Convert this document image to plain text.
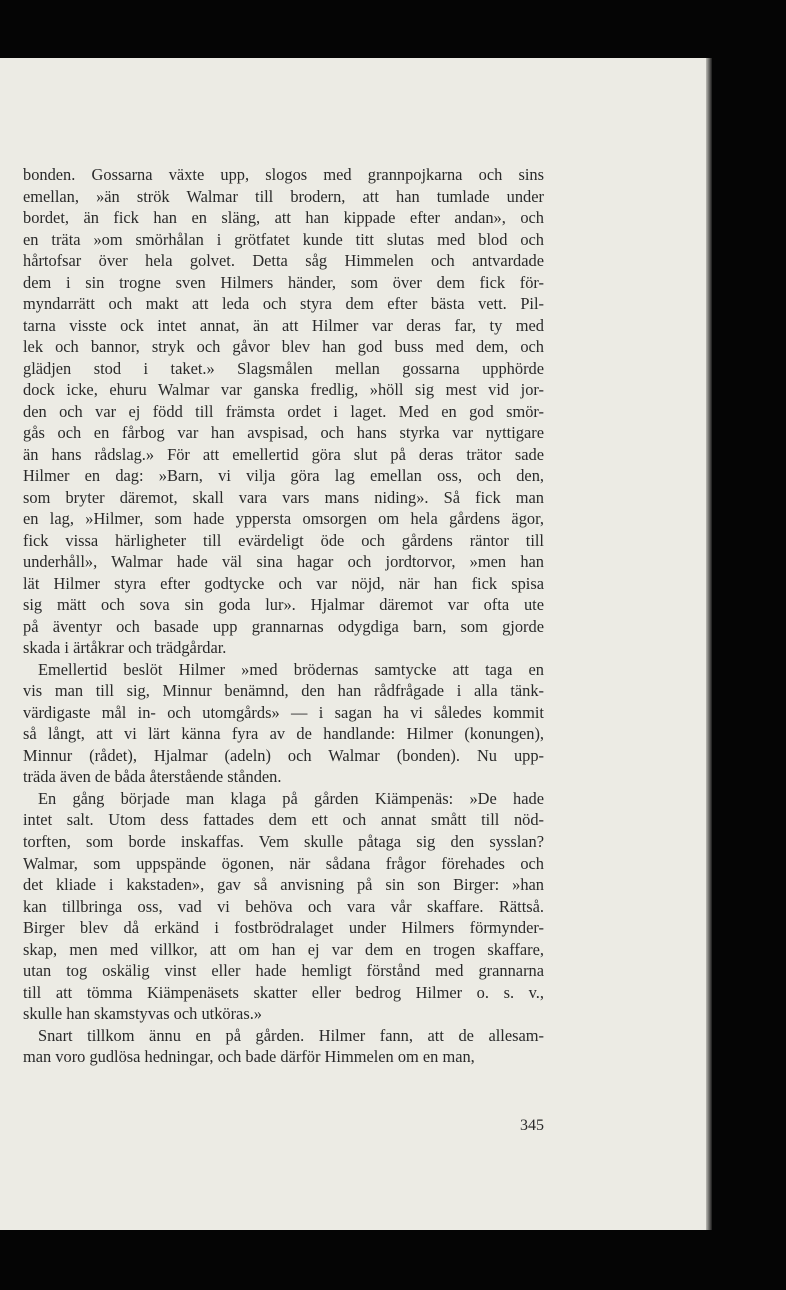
bonden. Gossarna växte upp, slogos med grannpojkarna och sins
emellan, »än strök Walmar till brodern, att han tumlade under
bordet, än fick han en släng, att han kippade efter andan», och
en träta »om smörhålan i grötfatet kunde titt slutas med blod och
hårtofsar över hela golvet. Detta såg Himmelen och antvardade
dem i sin trogne sven Hilmers händer, som över dem fick för-
myndarrätt och makt att leda och styra dem efter bästa vett. Pil-
tarna visste ock intet annat, än att Hilmer var deras far, ty med
lek och bannor, stryk och gåvor blev han god buss med dem, och
glädjen stod i taket.» Slagsmålen mellan gossarna upphörde
dock icke, ehuru Walmar var ganska fredlig, »höll sig mest vid jor-
den och var ej född till främsta ordet i laget. Med en god smör-
gås och en fårbog var han avspisad, och hans styrka var nyttigare
än hans rådslag.» För att emellertid göra slut på deras trätor sade
Hilmer en dag: »Barn, vi vilja göra lag emellan oss, och den,
som bryter däremot, skall vara vars mans niding». Så fick man
en lag, »Hilmer, som hade yppersta omsorgen om hela gårdens ägor,
fick vissa härligheter till evärdeligt öde och gårdens räntor till
underhåll», Walmar hade väl sina hagar och jordtorvor, »men han
lät Hilmer styra efter godtycke och var nöjd, när han fick spisa
sig mätt och sova sin goda lur». Hjalmar däremot var ofta ute
på äventyr och basade upp grannarnas odygdiga barn, som gjorde
skada i ärtåkrar och trädgårdar.
Emellertid beslöt Hilmer »med brödernas samtycke att taga en
vis man till sig, Minnur benämnd, den han rådfrågade i alla tänk-
värdigaste mål in- och utomgårds» — i sagan ha vi således kommit
så långt, att vi lärt känna fyra av de handlande: Hilmer (konungen),
Minnur (rådet), Hjalmar (adeln) och Walmar (bonden). Nu upp-
träda även de båda återstående stånden.
En gång började man klaga på gården Kiämpenäs: »De hade
intet salt. Utom dess fattades dem ett och annat smått till nöd-
torften, som borde inskaffas. Vem skulle påtaga sig den sysslan?
Walmar, som uppspände ögonen, när sådana frågor förehades och
det kliade i kakstaden», gav så anvisning på sin son Birger: »han
kan tillbringa oss, vad vi behöva och vara vår skaffare. Rättså.
Birger blev då erkänd i fostbrödralaget under Hilmers förmynder-
skap, men med villkor, att om han ej var dem en trogen skaffare,
utan tog oskälig vinst eller hade hemligt förstånd med grannarna
till att tömma Kiämpenäsets skatter eller bedrog Hilmer o. s. v.,
skulle han skamstyvas och utköras.»
Snart tillkom ännu en på gården. Hilmer fann, att de allesam-
man voro gudlösa hedningar, och bade därför Himmelen om en man,
345
